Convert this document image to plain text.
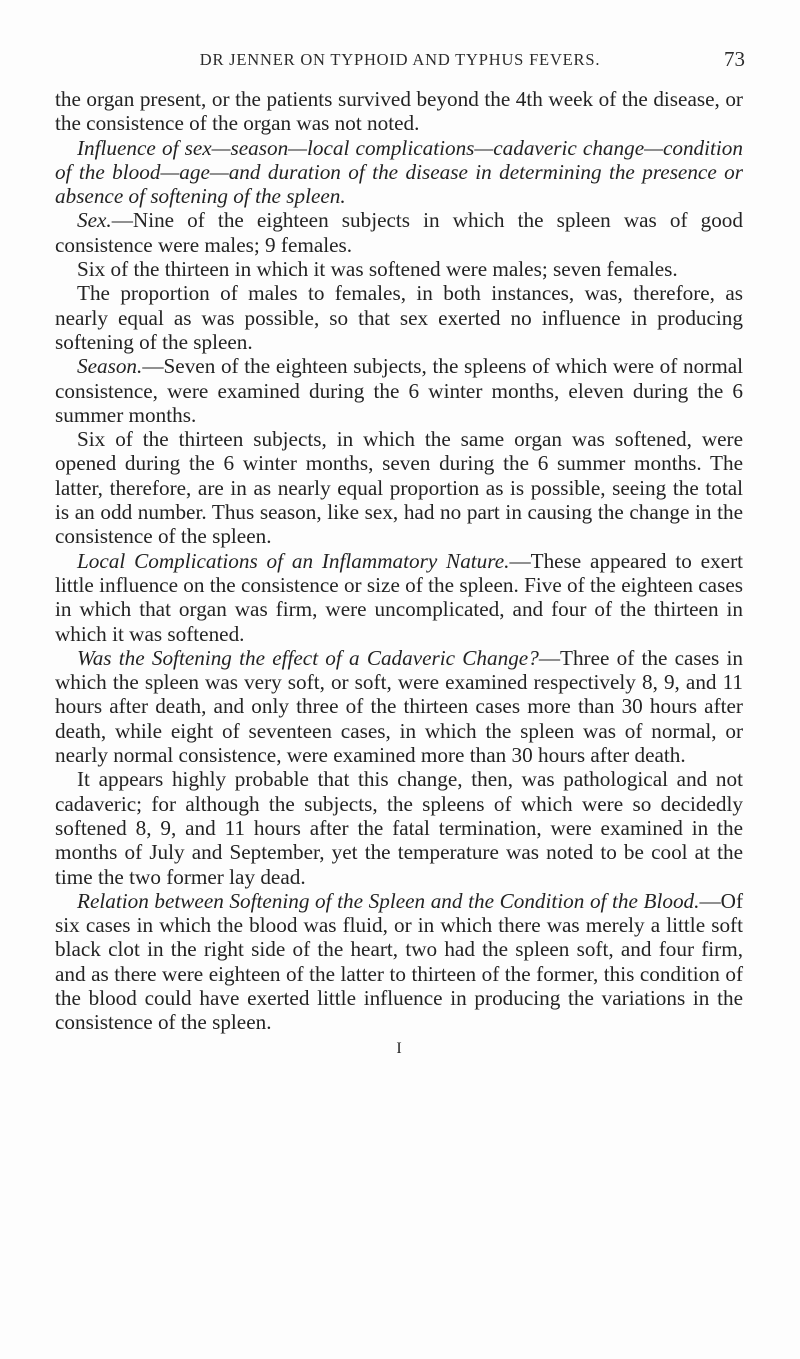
DR JENNER ON TYPHOID AND TYPHUS FEVERS.	73

the organ present, or the patients survived beyond the 4th week of the disease, or the consistence of the organ was not noted.

Influence of sex—season—local complications—cadaveric change—condition of the blood—age—and duration of the disease in determining the presence or absence of softening of the spleen.

Sex.—Nine of the eighteen subjects in which the spleen was of good consistence were males; 9 females.

Six of the thirteen in which it was softened were males; seven females.

The proportion of males to females, in both instances, was, therefore, as nearly equal as was possible, so that sex exerted no influence in producing softening of the spleen.

Season.—Seven of the eighteen subjects, the spleens of which were of normal consistence, were examined during the 6 winter months, eleven during the 6 summer months.

Six of the thirteen subjects, in which the same organ was softened, were opened during the 6 winter months, seven during the 6 summer months. The latter, therefore, are in as nearly equal proportion as is possible, seeing the total is an odd number. Thus season, like sex, had no part in causing the change in the consistence of the spleen.

Local Complications of an Inflammatory Nature.—These appeared to exert little influence on the consistence or size of the spleen. Five of the eighteen cases in which that organ was firm, were uncomplicated, and four of the thirteen in which it was softened.

Was the Softening the effect of a Cadaveric Change?—Three of the cases in which the spleen was very soft, or soft, were examined respectively 8, 9, and 11 hours after death, and only three of the thirteen cases more than 30 hours after death, while eight of seventeen cases, in which the spleen was of normal, or nearly normal consistence, were examined more than 30 hours after death.

It appears highly probable that this change, then, was pathological and not cadaveric; for although the subjects, the spleens of which were so decidedly softened 8, 9, and 11 hours after the fatal termination, were examined in the months of July and September, yet the temperature was noted to be cool at the time the two former lay dead.

Relation between Softening of the Spleen and the Condition of the Blood.—Of six cases in which the blood was fluid, or in which there was merely a little soft black clot in the right side of the heart, two had the spleen soft, and four firm, and as there were eighteen of the latter to thirteen of the former, this condition of the blood could have exerted little influence in producing the variations in the consistence of the spleen.

I
